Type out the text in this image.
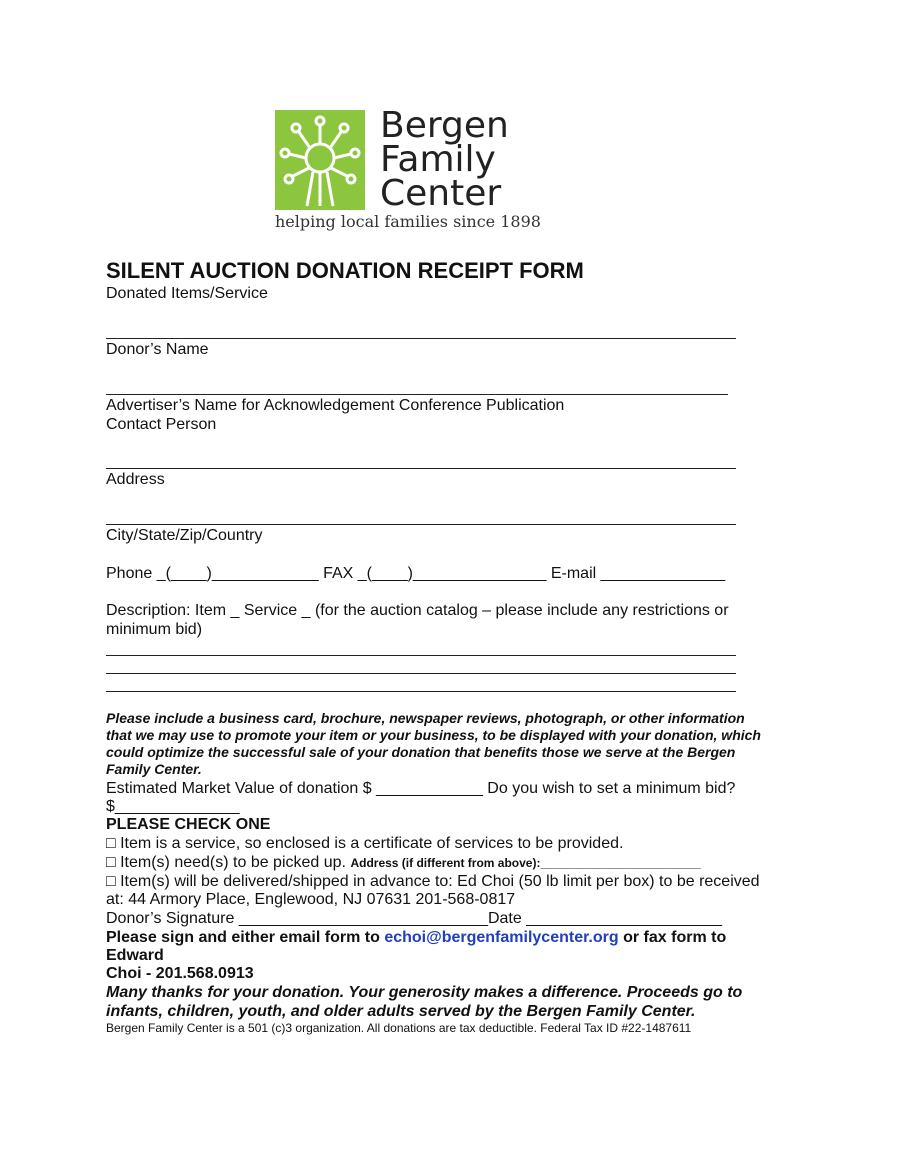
Bergen
Family
Center
helping local families since 1898
SILENT AUCTION DONATION RECEIPT FORM
Donated Items/Service
Donor’s Name
Advertiser’s Name for Acknowledgement Conference Publication
Contact Person
Address
City/State/Zip/Country
Phone _(____)____________ FAX _(____)_______________ E-mail ______________
Description: Item _ Service _ (for the auction catalog – please include any restrictions or
minimum bid)
Please include a business card, brochure, newspaper reviews, photograph, or other information
that we may use to promote your item or your business, to be displayed with your donation, which
could optimize the successful sale of your donation that benefits those we serve at the Bergen
Family Center.
Estimated Market Value of donation $ ____________ Do you wish to set a minimum bid?
$______________
PLEASE CHECK ONE
□ Item is a service, so enclosed is a certificate of services to be provided.
□ Item(s) need(s) to be picked up. Address (if different from above):________________________
□ Item(s) will be delivered/shipped in advance to: Ed Choi (50 lb limit per box) to be received
at: 44 Armory Place, Englewood, NJ 07631 201-568-0817
Donor’s Signature ____________________________Date ______________________
Please sign and either email form to echoi@bergenfamilycenter.org or fax form to
Edward
Choi - 201.568.0913
Many thanks for your donation. Your generosity makes a difference. Proceeds go to
infants, children, youth, and older adults served by the Bergen Family Center.
Bergen Family Center is a 501 (c)3 organization. All donations are tax deductible. Federal Tax ID #22-1487611
